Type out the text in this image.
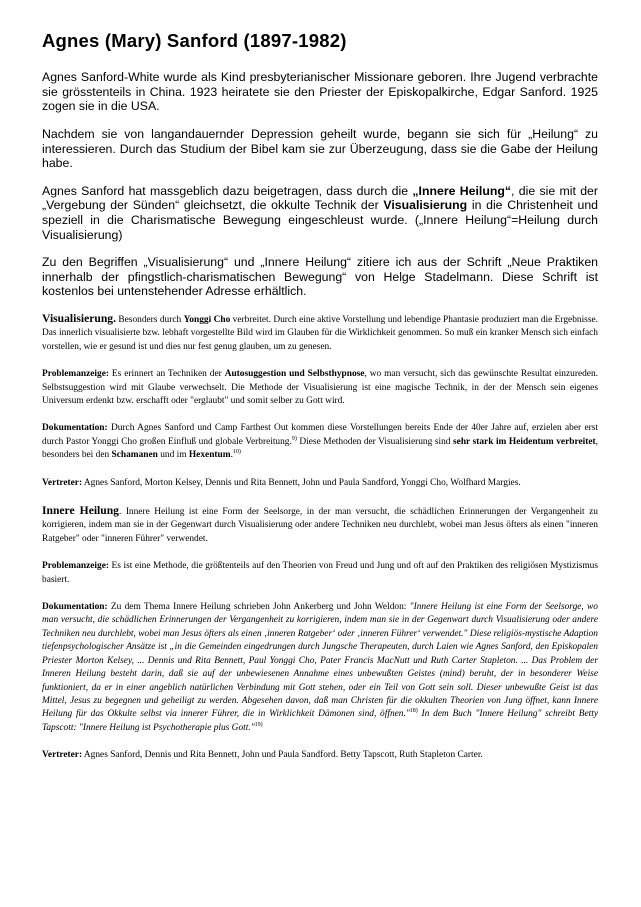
Agnes (Mary) Sanford (1897-1982)

Agnes Sanford-White wurde als Kind presbyterianischer Missionare geboren. Ihre Jugend verbrachte sie grösstenteils in China. 1923 heiratete sie den Priester der Episkopalkirche, Edgar Sanford. 1925 zogen sie in die USA.

Nachdem sie von langandauernder Depression geheilt wurde, begann sie sich für „Heilung“ zu interessieren. Durch das Studium der Bibel kam sie zur Überzeugung, dass sie die Gabe der Heilung habe.

Agnes Sanford hat massgeblich dazu beigetragen, dass durch die „Innere Heilung“, die sie mit der „Vergebung der Sünden“ gleichsetzt, die okkulte Technik der Visualisierung in die Christenheit und speziell in die Charismatische Bewegung eingeschleust wurde. („Innere Heilung“=Heilung durch Visualisierung)

Zu den Begriffen „Visualisierung“ und „Innere Heilung“ zitiere ich aus der Schrift „Neue Praktiken innerhalb der pfingstlich-charismatischen Bewegung“ von Helge Stadelmann. Diese Schrift ist kostenlos bei untenstehender Adresse erhältlich.

Visualisierung. Besonders durch Yonggi Cho verbreitet. Durch eine aktive Vorstellung und lebendige Phantasie produziert man die Ergebnisse. Das innerlich visualisierte bzw. lebhaft vorgestellte Bild wird im Glauben für die Wirklichkeit genommen. So muß ein kranker Mensch sich einfach vorstellen, wie er gesund ist und dies nur fest genug glauben, um zu genesen.

Problemanzeige: Es erinnert an Techniken der Autosuggestion und Selbsthypnose, wo man versucht, sich das gewünschte Resultat einzureden. Selbstsuggestion wird mit Glaube verwechselt. Die Methode der Visualisierung ist eine magische Technik, in der der Mensch sein eigenes Universum erdenkt bzw. erschafft oder "erglaubt" und somit selber zu Gott wird.

Dokumentation: Durch Agnes Sanford und Camp Farthest Out kommen diese Vorstellungen bereits Ende der 40er Jahre auf, erzielen aber erst durch Pastor Yonggi Cho großen Einfluß und globale Verbreitung.$^{9)}$ Diese Methoden der Visualisierung sind sehr stark im Heidentum verbreitet, besonders bei den Schamanen und im Hexentum.$^{10)}$

Vertreter: Agnes Sanford, Morton Kelsey, Dennis und Rita Bennett, John und Paula Sandford, Yonggi Cho, Wolfhard Margies.

Innere Heilung. Innere Heilung ist eine Form der Seelsorge, in der man versucht, die schädlichen Erinnerungen der Vergangenheit zu korrigieren, indem man sie in der Gegenwart durch Visualisierung oder andere Techniken neu durchlebt, wobei man Jesus öfters als einen "inneren Ratgeber" oder "inneren Führer" verwendet.

Problemanzeige: Es ist eine Methode, die größtenteils auf den Theorien von Freud und Jung und oft auf den Praktiken des religiösen Mystizismus basiert.

Dokumentation: Zu dem Thema Innere Heilung schrieben John Ankerberg und John Weldon: "Innere Heilung ist eine Form der Seelsorge, wo man versucht, die schädlichen Erinnerungen der Vergangenheit zu korrigieren, indem man sie in der Gegenwart durch Visualisierung oder andere Techniken neu durchlebt, wobei man Jesus öfters als einen ‚inneren Ratgeber‘ oder ‚inneren Führer‘ verwendet." Diese religiös-mystische Adaption tiefenpsychologischer Ansätze ist „in die Gemeinden eingedrungen durch Jungsche Therapeuten, durch Laien wie Agnes Sanford, den Episkopalen Priester Morton Kelsey, ... Dennis und Rita Bennett, Paul Yonggi Cho, Pater Francis MacNutt und Ruth Carter Stapleton. ... Das Problem der Inneren Heilung besteht darin, daß sie auf der unbewiesenen Annahme eines unbewußten Geistes (mind) beruht, der in besonderer Weise funktioniert, da er in einer angeblich natürlichen Verbindung mit Gott stehen, oder ein Teil von Gott sein soll. Dieser unbewußte Geist ist das Mittel, Jesus zu begegnen und geheiligt zu werden. Abgesehen davon, daß man Christen für die okkulten Theorien von Jung öffnet, kann Innere Heilung für das Okkulte selbst via innerer Führer, die in Wirklichkeit Dämonen sind, öffnen."$^{18)}$ In dem Buch "Innere Heilung" schreibt Betty Tapscott: "Innere Heilung ist Psychotherapie plus Gott."$^{19)}$

Vertreter: Agnes Sanford, Dennis und Rita Bennett, John und Paula Sandford. Betty Tapscott, Ruth Stapleton Carter.
